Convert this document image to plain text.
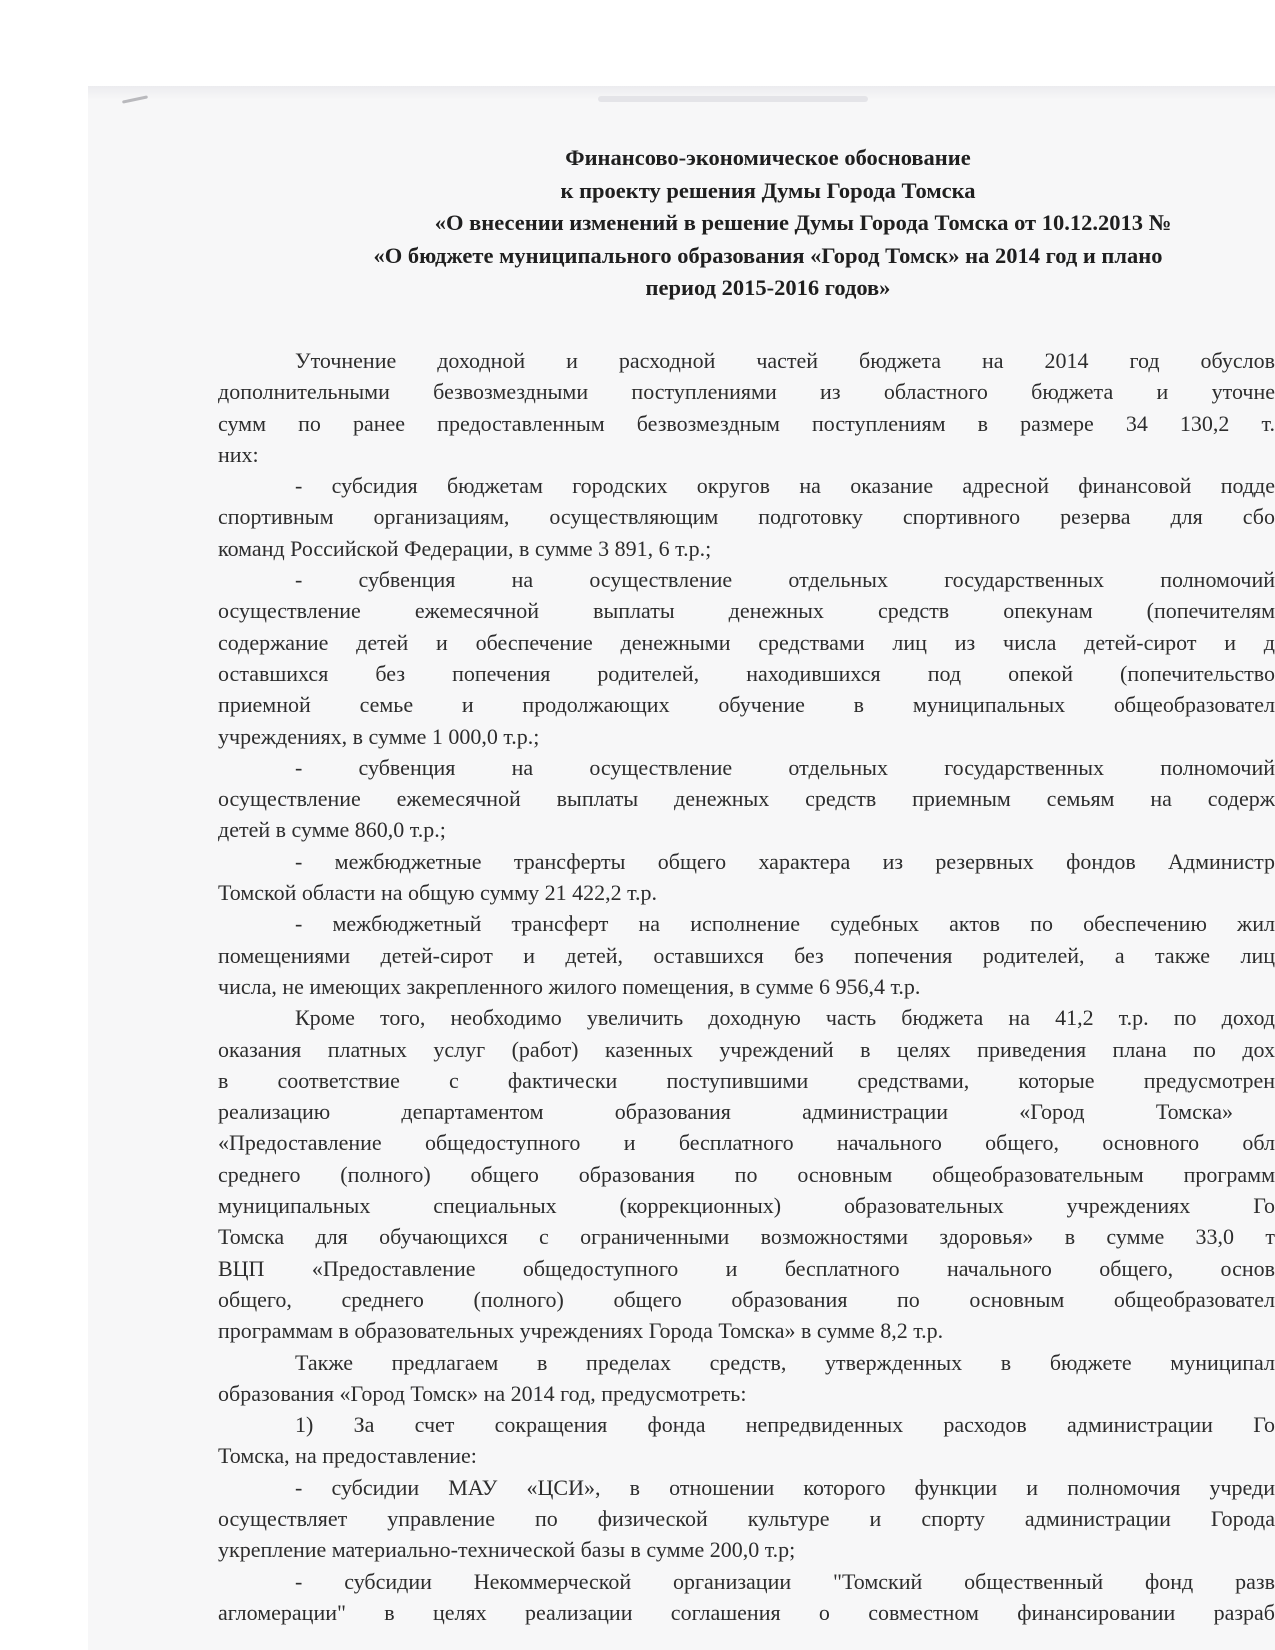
Финансово-экономическое обоснование
к проекту решения Думы Города Томска
«О внесении изменений в решение Думы Города Томска от 10.12.2013 №
«О бюджете муниципального образования «Город Томск» на 2014 год и плано
период 2015-2016 годов»
Уточнение доходной и расходной частей бюджета на 2014 год обуслов
дополнительными безвозмездными поступлениями из областного бюджета и уточне
сумм по ранее предоставленным безвозмездным поступлениям в размере 34 130,2 т.
них:
- субсидия бюджетам городских округов на оказание адресной финансовой подде
спортивным организациям, осуществляющим подготовку спортивного резерва для сбо
команд Российской Федерации, в сумме 3 891, 6 т.р.;
- субвенция на осуществление отдельных государственных полномочий
осуществление ежемесячной выплаты денежных средств опекунам (попечителям
содержание детей и обеспечение денежными средствами лиц из числа детей-сирот и д
оставшихся без попечения родителей, находившихся под опекой (попечительство
приемной семье и продолжающих обучение в муниципальных общеобразовател
учреждениях, в сумме 1 000,0 т.р.;
- субвенция на осуществление отдельных государственных полномочий
осуществление ежемесячной выплаты денежных средств приемным семьям на содерж
детей в сумме 860,0 т.р.;
- межбюджетные трансферты общего характера из резервных фондов Администр
Томской области на общую сумму 21 422,2 т.р.
- межбюджетный трансферт на исполнение судебных актов по обеспечению жил
помещениями детей-сирот и детей, оставшихся без попечения родителей, а также лиц
числа, не имеющих закрепленного жилого помещения, в сумме 6 956,4 т.р.
Кроме того, необходимо увеличить доходную часть бюджета на 41,2 т.р. по доход
оказания платных услуг (работ) казенных учреждений в целях приведения плана по дох
в соответствие с фактически поступившими средствами, которые предусмотрен
реализацию департаментом образования администрации «Город Томска»
«Предоставление общедоступного и бесплатного начального общего, основного обл
среднего (полного) общего образования по основным общеобразовательным программ
муниципальных специальных (коррекционных) образовательных учреждениях Го
Томска для обучающихся с ограниченными возможностями здоровья» в сумме 33,0 т
ВЦП «Предоставление общедоступного и бесплатного начального общего, основ
общего, среднего (полного) общего образования по основным общеобразовател
программам в образовательных учреждениях Города Томска» в сумме 8,2 т.р.
Также предлагаем в пределах средств, утвержденных в бюджете муниципал
образования «Город Томск» на 2014 год, предусмотреть:
1) За счет сокращения фонда непредвиденных расходов администрации Го
Томска, на предоставление:
- субсидии МАУ «ЦСИ», в отношении которого функции и полномочия учреди
осуществляет управление по физической культуре и спорту администрации Города
укрепление материально-технической базы в сумме 200,0 т.р;
- субсидии Некоммерческой организации "Томский общественный фонд разв
агломерации" в целях реализации соглашения о совместном финансировании разраб
